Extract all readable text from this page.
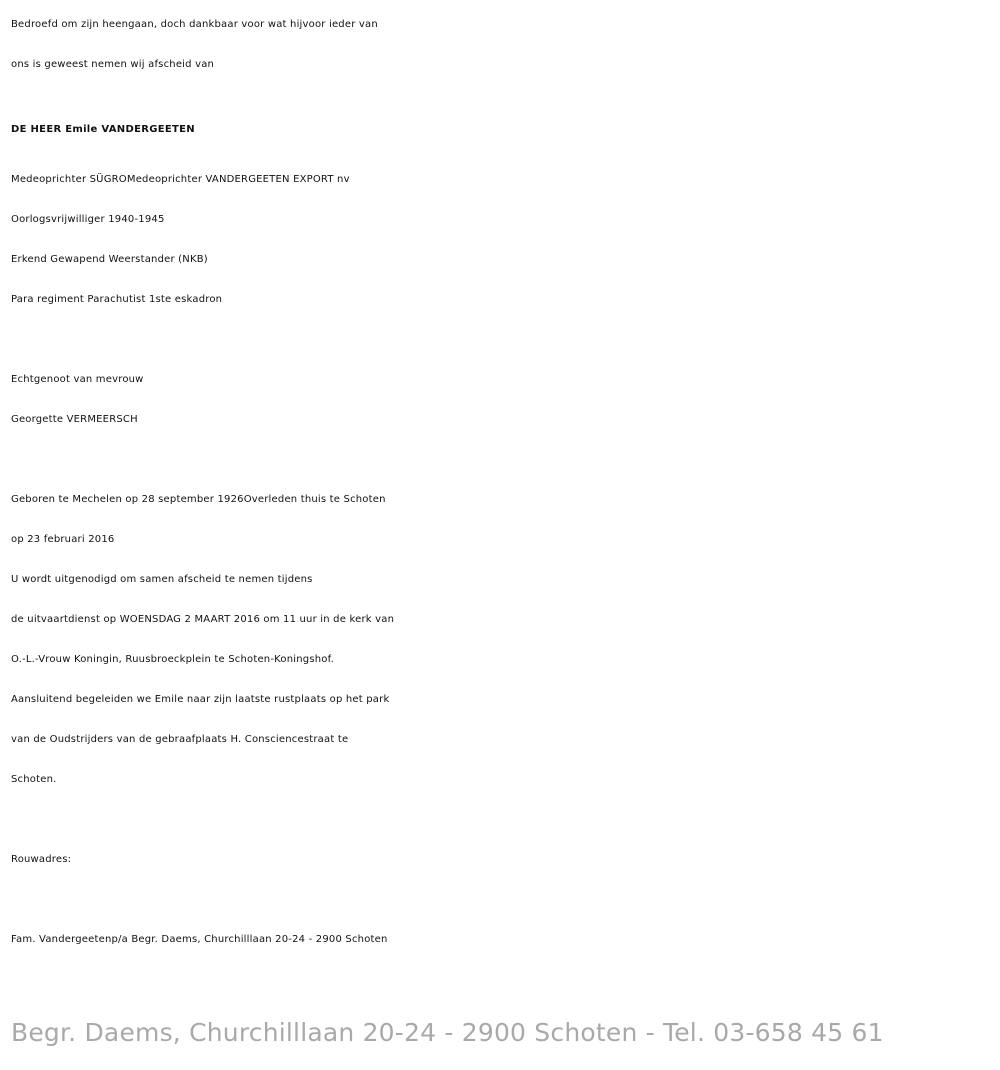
Bedroefd om zijn heengaan, doch dankbaar voor wat hijvoor ieder van
ons is geweest nemen wij afscheid van
DE HEER Emile VANDERGEETEN
Medeoprichter SÜGROMedeoprichter VANDERGEETEN EXPORT nv
Oorlogsvrijwilliger 1940-1945
Erkend Gewapend Weerstander (NKB)
Para regiment Parachutist 1ste eskadron
Echtgenoot van mevrouw
Georgette VERMEERSCH
Geboren te Mechelen op 28 september 1926Overleden thuis te Schoten
op 23 februari 2016
U wordt uitgenodigd om samen afscheid te nemen tijdens
de uitvaartdienst op WOENSDAG 2 MAART 2016 om 11 uur in de kerk van
O.-L.-Vrouw Koningin, Ruusbroeckplein te Schoten-Koningshof.
Aansluitend begeleiden we Emile naar zijn laatste rustplaats op het park
van de Oudstrijders van de gebraafplaats H. Consciencestraat te
Schoten.
Rouwadres:
Fam. Vandergeetenp/a Begr. Daems, Churchilllaan 20-24 - 2900 Schoten
Begr. Daems, Churchilllaan 20-24 - 2900 Schoten - Tel. 03-658 45 61
